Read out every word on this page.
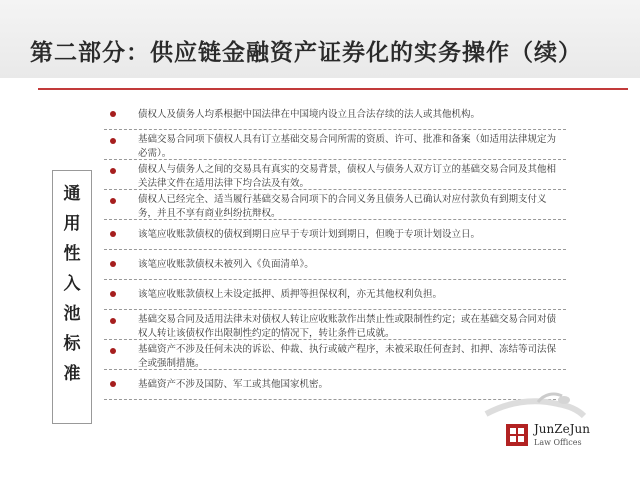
第二部分：供应链金融资产证券化的实务操作（续）
通
用
性
入
池
标
准
债权人及债务人均系根据中国法律在中国境内设立且合法存续的法人或其他机构。
基础交易合同项下债权人具有订立基础交易合同所需的资质、许可、批准和备案（如适用法律规定为必需）。
债权人与债务人之间的交易具有真实的交易背景，债权人与债务人双方订立的基础交易合同及其他相关法律文件在适用法律下均合法及有效。
债权人已经完全、适当履行基础交易合同项下的合同义务且债务人已确认对应付款负有到期支付义务，并且不享有商业纠纷抗辩权。
该笔应收账款债权的债权到期日应早于专项计划到期日，但晚于专项计划设立日。
该笔应收账款债权未被列入《负面清单》。
该笔应收账款债权上未设定抵押、质押等担保权利，亦无其他权利负担。
基础交易合同及适用法律未对债权人转让应收账款作出禁止性或限制性约定；或在基础交易合同对债权人转让该债权作出限制性约定的情况下，转让条件已成就。
基础资产不涉及任何未决的诉讼、仲裁、执行或破产程序，未被采取任何查封、扣押、冻结等司法保全或强制措施。
基础资产不涉及国防、军工或其他国家机密。
JunZeJun
Law Offices
